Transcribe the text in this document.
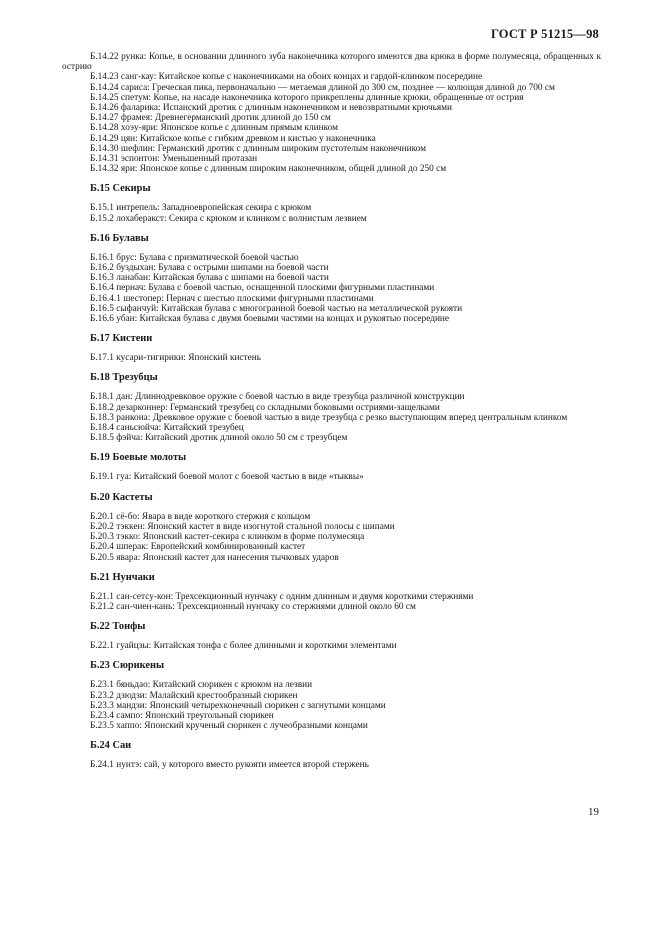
ГОСТ Р 51215—98

Б.14.22 рунка: Копье, в основании длинного зуба наконечника которого имеются два крюка в форме полумесяца, обращенных к острию

Б.14.23 санг-кау: Китайское копье с наконечниками на обоих концах и гардой-клинком посередине

Б.14.24 сариса: Греческая пика, первоначально — метаемая длиной до 300 см, позднее — колющая длиной до 700 см

Б.14.25 спетум: Копье, на насаде наконечника которого прикреплены длинные крюки, обращенные от острия

Б.14.26 фаларика: Испанский дротик с длинным наконечником и невозвратными крючьями

Б.14.27 фрамея: Древнегерманский дротик длиной до 150 см

Б.14.28 хоэу-яри: Японское копье с длинным прямым клинком

Б.14.29 цян: Китайское копье с гибким древком и кистью у наконечника

Б.14.30 шефлин: Германский дротик с длинным широким пустотелым наконечником

Б.14.31 эспонтон: Уменьшенный протазан

Б.14.32 яри: Японское копье с длинным широким наконечником, общей длиной до 250 см

Б.15 Секиры

Б.15.1 интрепель: Западноевропейская секира с крюком

Б.15.2 лохаберакст: Секира с крюком и клинком с волнистым лезвием

Б.16 Булавы

Б.16.1 брус: Булава с призматической боевой частью

Б.16.2 буздыхан: Булава с острыми шипами на боевой части

Б.16.3 ланабан: Китайская булава с шипами на боевой части

Б.16.4 пернач: Булава с боевой частью, оснащенной плоскими фигурными пластинами

Б.16.4.1 шестопер: Пернач с шестью плоскими фигурными пластинами

Б.16.5 сыфанчуй: Китайская булава с многогранной боевой частью на металлической рукояти

Б.16.6 убан: Китайская булава с двумя боевыми частями на концах и рукоятью посередине

Б.17 Кистени

Б.17.1 кусари-тигирики: Японский кистень

Б.18 Трезубцы

Б.18.1 дан: Длиннодревковое оружие с боевой частью в виде трезубца различной конструкции

Б.18.2 дезарконнер: Германский трезубец со складными боковыми остриями-защелками

Б.18.3 ранкона: Древковое оружие с боевой частью в виде трезубца с резко выступающим вперед центральным клинком

Б.18.4 саньсюйча: Китайский трезубец

Б.18.5 фэйча: Китайский дротик длиной около 50 см с трезубцем

Б.19 Боевые молоты

Б.19.1 гуа: Китайский боевой молот с боевой частью в виде «тыквы»

Б.20 Кастеты

Б.20.1 сё-бо: Явара в виде короткого стержня с кольцом

Б.20.2 тэккен: Японский кастет в виде изогнутой стальной полосы с шипами

Б.20.3 тэкко: Японский кастет-секира с клинком в форме полумесяца

Б.20.4 шперак: Европейский комбинированный кастет

Б.20.5 явара: Японский кастет для нанесения тычковых ударов

Б.21 Нунчаки

Б.21.1 сан-сетсу-кон: Трехсекционный нунчаку с одним длинным и двумя короткими стержнями

Б.21.2 сан-чиен-кань: Трехсекционный нунчаку со стержнями длиной около 60 см

Б.22 Тонфы

Б.22.1 гуайцзы: Китайская тонфа с более длинными и короткими элементами

Б.23 Сюрикены

Б.23.1 бяньдао: Китайский сюрикен с крюком на лезвии

Б.23.2 дзюдзи: Малайский крестообразный сюрикен

Б.23.3 мандзи: Японский четырехконечный сюрикен с загнутыми концами

Б.23.4 сампо: Японский треугольный сюрикен

Б.23.5 хаппо: Японский крученый сюрикен с лучеобразными концами

Б.24 Саи

Б.24.1 нунтэ: сай, у которого вместо рукояти имеется второй стержень

19
